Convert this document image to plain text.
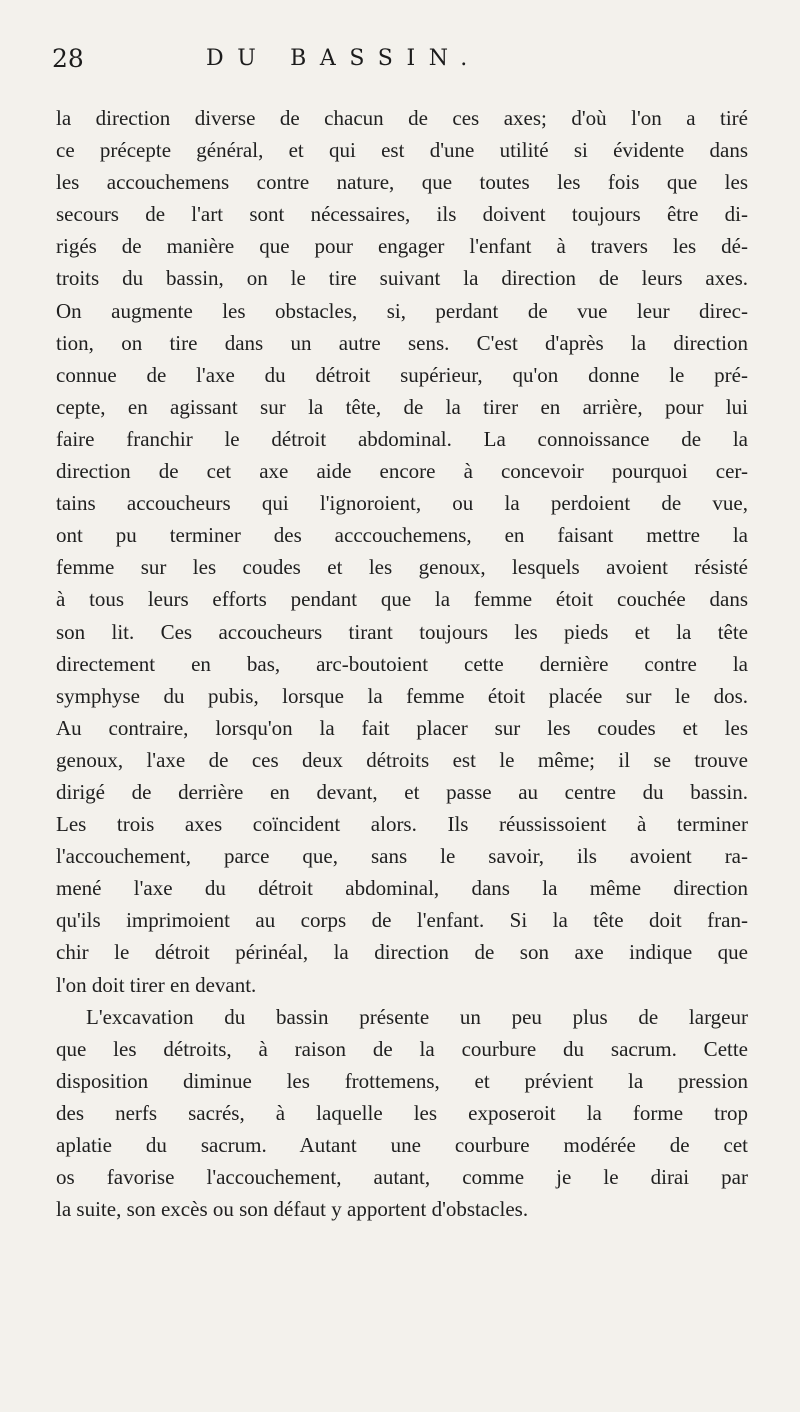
28	DU BASSIN.
la direction diverse de chacun de ces axes; d'où l'on a tiré
ce précepte général, et qui est d'une utilité si évidente dans
les accouchemens contre nature, que toutes les fois que les
secours de l'art sont nécessaires, ils doivent toujours être di-
rigés de manière que pour engager l'enfant à travers les dé-
troits du bassin, on le tire suivant la direction de leurs axes.
On augmente les obstacles, si, perdant de vue leur direc-
tion, on tire dans un autre sens. C'est d'après la direction
connue de l'axe du détroit supérieur, qu'on donne le pré-
cepte, en agissant sur la tête, de la tirer en arrière, pour lui
faire franchir le détroit abdominal. La connoissance de la
direction de cet axe aide encore à concevoir pourquoi cer-
tains accoucheurs qui l'ignoroient, ou la perdoient de vue,
ont pu terminer des acccouchemens, en faisant mettre la
femme sur les coudes et les genoux, lesquels avoient résisté
à tous leurs efforts pendant que la femme étoit couchée dans
son lit. Ces accoucheurs tirant toujours les pieds et la tête
directement en bas, arc-boutoient cette dernière contre la
symphyse du pubis, lorsque la femme étoit placée sur le dos.
Au contraire, lorsqu'on la fait placer sur les coudes et les
genoux, l'axe de ces deux détroits est le même; il se trouve
dirigé de derrière en devant, et passe au centre du bassin.
Les trois axes coïncident alors. Ils réussissoient à terminer
l'accouchement, parce que, sans le savoir, ils avoient ra-
mené l'axe du détroit abdominal, dans la même direction
qu'ils imprimoient au corps de l'enfant. Si la tête doit fran-
chir le détroit périnéal, la direction de son axe indique que
l'on doit tirer en devant.
L'excavation du bassin présente un peu plus de largeur
que les détroits, à raison de la courbure du sacrum. Cette
disposition diminue les frottemens, et prévient la pression
des nerfs sacrés, à laquelle les exposeroit la forme trop
aplatie du sacrum. Autant une courbure modérée de cet
os favorise l'accouchement, autant, comme je le dirai par
la suite, son excès ou son défaut y apportent d'obstacles.
